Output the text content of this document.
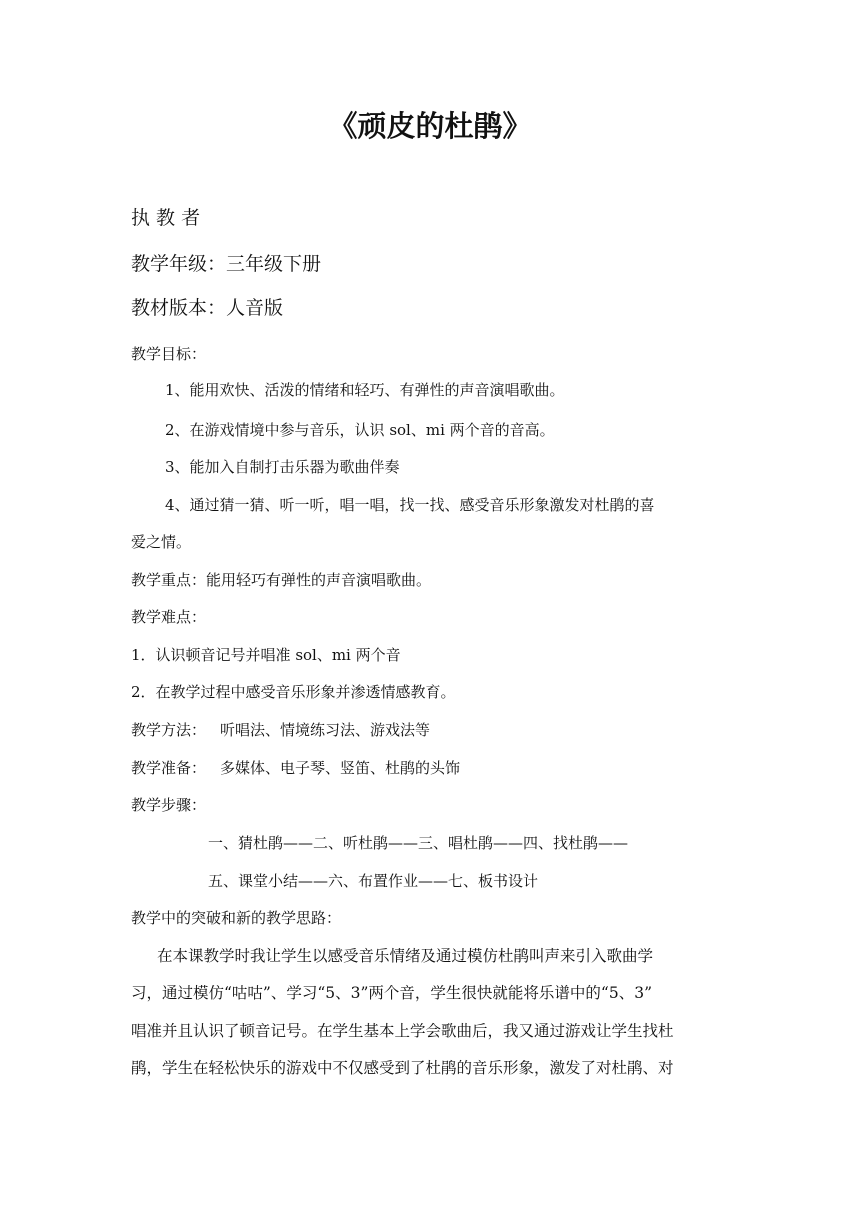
《顽皮的杜鹃》
执 教 者
教学年级：三年级下册
教材版本：人音版
教学目标：
1、能用欢快、活泼的情绪和轻巧、有弹性的声音演唱歌曲。
2、在游戏情境中参与音乐，认识 sol、mi 两个音的音高。
3、能加入自制打击乐器为歌曲伴奏
4、通过猜一猜、听一听，唱一唱，找一找、感受音乐形象激发对杜鹃的喜
爱之情。
教学重点：能用轻巧有弹性的声音演唱歌曲。
教学难点：
1．认识顿音记号并唱准 sol、mi 两个音
2．在教学过程中感受音乐形象并渗透情感教育。
教学方法： 听唱法、情境练习法、游戏法等
教学准备： 多媒体、电子琴、竖笛、杜鹃的头饰
教学步骤：
一、猜杜鹃——二、听杜鹃——三、唱杜鹃——四、找杜鹃——
五、课堂小结——六、布置作业——七、板书设计
教学中的突破和新的教学思路：
在本课教学时我让学生以感受音乐情绪及通过模仿杜鹃叫声来引入歌曲学
习，通过模仿“咕咕”、学习“5、3”两个音，学生很快就能将乐谱中的“5、3”
唱准并且认识了顿音记号。在学生基本上学会歌曲后，我又通过游戏让学生找杜
鹃，学生在轻松快乐的游戏中不仅感受到了杜鹃的音乐形象，激发了对杜鹃、对
